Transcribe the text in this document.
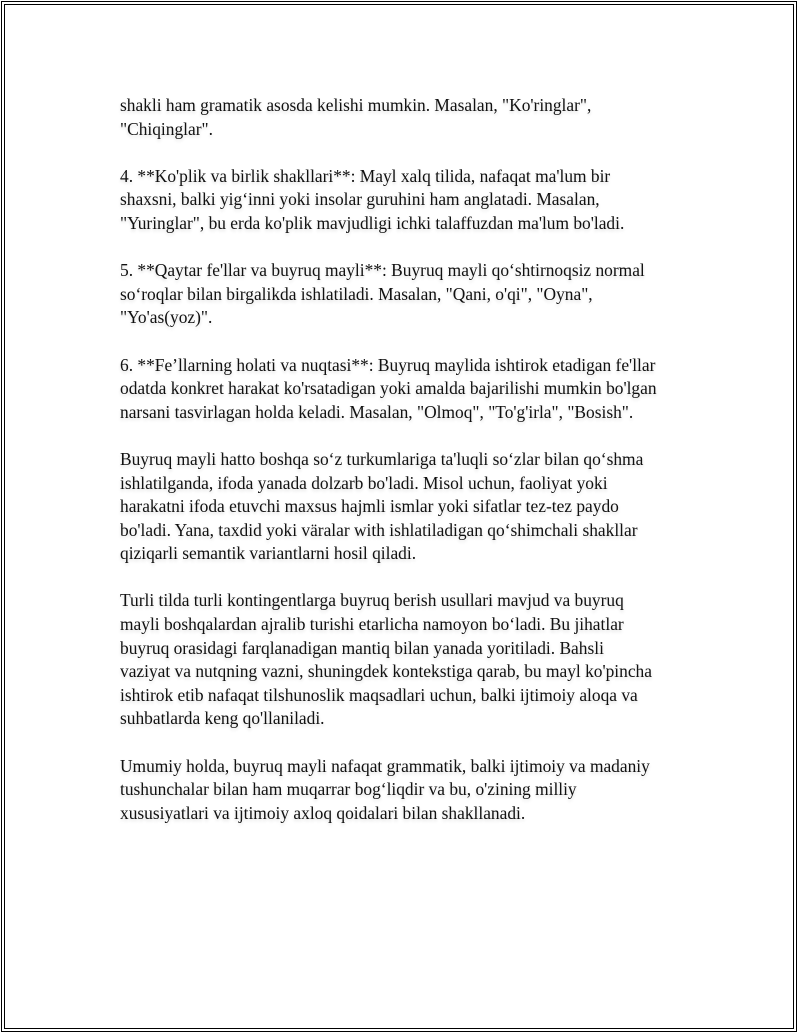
shakli ham gramatik asosda kelishi mumkin. Masalan, "Ko'ringlar",
"Chiqinglar".

4. **Ko'plik va birlik shakllari**: Mayl xalq tilida, nafaqat ma'lum bir
shaxsni, balki yig‘inni yoki insolar guruhini ham anglatadi. Masalan,
"Yuringlar", bu erda ko'plik mavjudligi ichki talaffuzdan ma'lum bo'ladi.

5. **Qaytar fe'llar va buyruq mayli**: Buyruq mayli qo‘shtirnoqsiz normal
so‘roqlar bilan birgalikda ishlatiladi. Masalan, "Qani, o'qi", "Oyna",
"Yo'as(yoz)".

6. **Fe’llarning holati va nuqtasi**: Buyruq maylida ishtirok etadigan fe'llar
odatda konkret harakat ko'rsatadigan yoki amalda bajarilishi mumkin bo'lgan
narsani tasvirlagan holda keladi. Masalan, "Olmoq", "To'g'irla", "Bosish".

Buyruq mayli hatto boshqa so‘z turkumlariga ta'luqli so‘zlar bilan qo‘shma
ishlatilganda, ifoda yanada dolzarb bo'ladi. Misol uchun, faoliyat yoki
harakatni ifoda etuvchi maxsus hajmli ismlar yoki sifatlar tez-tez paydo
bo'ladi. Yana, taxdid yoki väralar with ishlatiladigan qo‘shimchali shakllar
qiziqarli semantik variantlarni hosil qiladi.

Turli tilda turli kontingentlarga buyruq berish usullari mavjud va buyruq
mayli boshqalardan ajralib turishi etarlicha namoyon bo‘ladi. Bu jihatlar
buyruq orasidagi farqlanadigan mantiq bilan yanada yoritiladi. Bahsli
vaziyat va nutqning vazni, shuningdek kontekstiga qarab, bu mayl ko'pincha
ishtirok etib nafaqat tilshunoslik maqsadlari uchun, balki ijtimoiy aloqa va
suhbatlarda keng qo'llaniladi.

Umumiy holda, buyruq mayli nafaqat grammatik, balki ijtimoiy va madaniy
tushunchalar bilan ham muqarrar bog‘liqdir va bu, o'zining milliy
xususiyatlari va ijtimoiy axloq qoidalari bilan shakllanadi.
